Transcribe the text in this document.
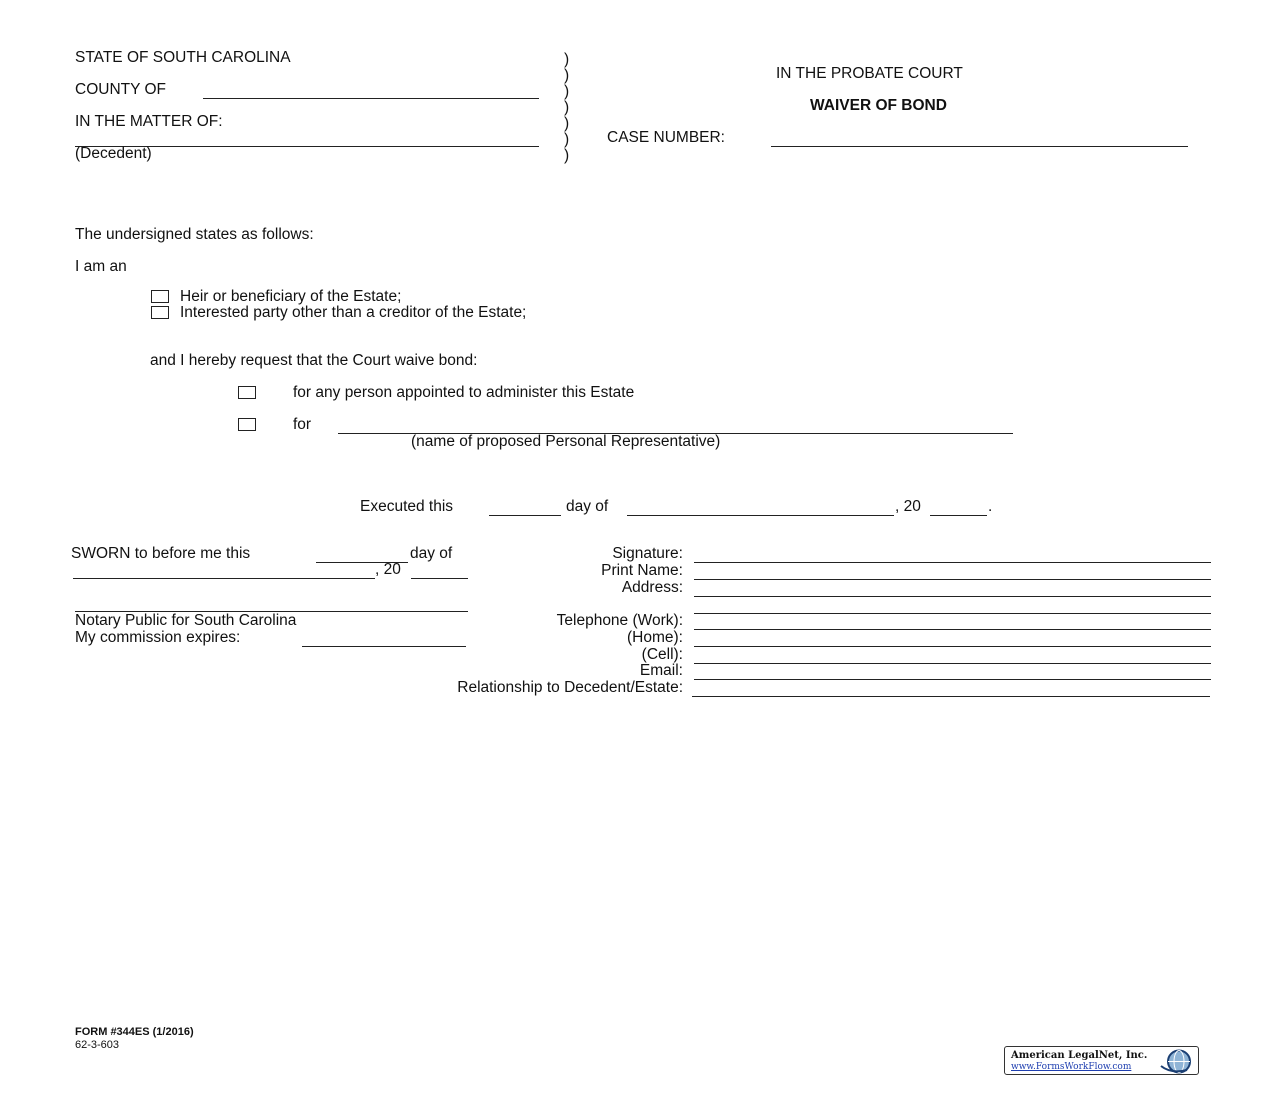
STATE OF SOUTH CAROLINA
COUNTY OF
IN THE MATTER OF:
(Decedent)
)
)
)
)
)
)
)
IN THE PROBATE COURT
WAIVER OF BOND
CASE NUMBER:
The undersigned states as follows:
I am an
Heir or beneficiary of the Estate;
Interested party other than a creditor of the Estate;
and I hereby request that the Court waive bond:
for any person appointed to administer this Estate
for
(name of proposed Personal Representative)
Executed this	day of	, 20	.
SWORN to before me this	day of
, 20
Notary Public for South Carolina
My commission expires:
Signature:
Print Name:
Address:
Telephone (Work):
(Home):
(Cell):
Email:
Relationship to Decedent/Estate:
FORM #344ES (1/2016)
62-3-603
American LegalNet, Inc.
www.FormsWorkFlow.com
